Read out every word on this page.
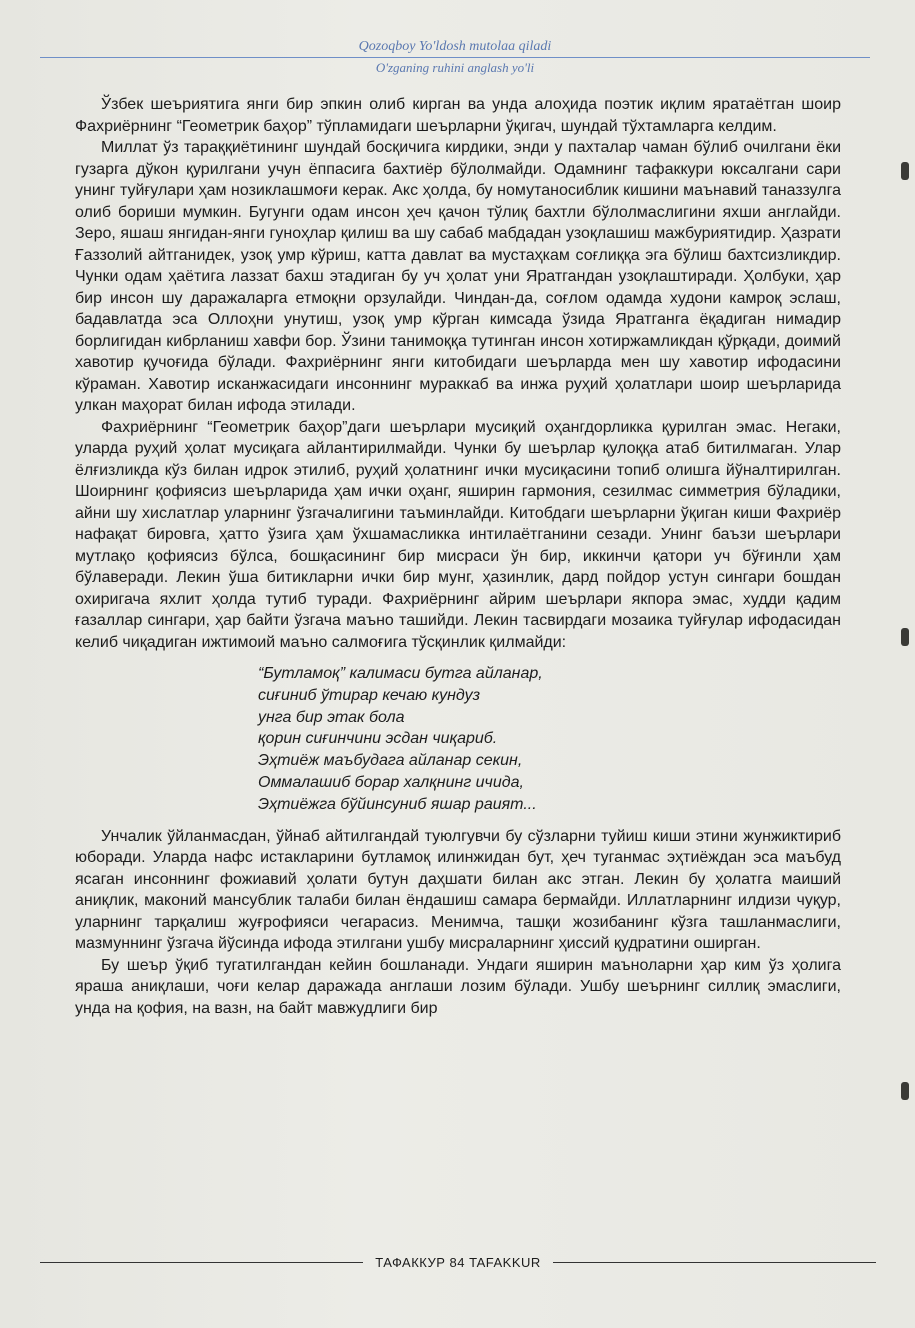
Qozoqboy Yo'ldosh mutolaa qiladi
O'zganing ruhini anglash yo'li

Ўзбек шеъриятига янги бир эпкин олиб кирган ва унда алоҳида поэтик иқлим яратаётган шоир Фахриёрнинг “Геометрик баҳор” тўпламидаги шеърларни ўқигач, шундай тўхтамларга келдим.

Миллат ўз тараққиётининг шундай босқичига кирдики, энди у пахталар чаман бўлиб очилгани ёки гузарга дўкон қурилгани учун ёппасига бахтиёр бўлолмайди. Одамнинг тафаккури юксалгани сари унинг туйғулари ҳам нозиклашмоғи керак. Акс ҳолда, бу номутаносиблик кишини маънавий таназзулга олиб бориши мумкин. Бугунги одам инсон ҳеч қачон тўлиқ бахтли бўлолмаслигини яхши англайди. Зеро, яшаш янгидан-янги гуноҳлар қилиш ва шу сабаб мабдадан узоқлашиш мажбуриятидир. Ҳазрати Ғаззолий айтганидек, узоқ умр кўриш, катта давлат ва мустаҳкам соғлиққа эга бўлиш бахтсизликдир. Чунки одам ҳаётига лаззат бахш этадиган бу уч ҳолат уни Яратгандан узоқлаштиради. Ҳолбуки, ҳар бир инсон шу даражаларга етмоқни орзулайди. Чиндан-да, соғлом одамда худони камроқ эслаш, бадавлатда эса Оллоҳни унутиш, узоқ умр кўрган кимсада ўзида Яратганга ёқадиган нимадир борлигидан кибрланиш хавфи бор. Ўзини танимоққа тутинган инсон хотиржамликдан қўрқади, доимий хавотир қучоғида бўлади. Фахриёрнинг янги китобидаги шеърларда мен шу хавотир ифодасини кўраман. Хавотир исканжасидаги инсоннинг мураккаб ва инжа руҳий ҳолатлари шоир шеърларида улкан маҳорат билан ифода этилади.

Фахриёрнинг “Геометрик баҳор”даги шеърлари мусиқий оҳангдорликка қурилган эмас. Негаки, уларда руҳий ҳолат мусиқага айлантирилмайди. Чунки бу шеърлар қулоққа атаб битилмаган. Улар ёлғизликда кўз билан идрок этилиб, руҳий ҳолатнинг ички мусиқасини топиб олишга йўналтирилган. Шоирнинг қофиясиз шеърларида ҳам ички оҳанг, яширин гармония, сезилмас симметрия бўладики, айни шу хислатлар уларнинг ўзгачалигини таъминлайди. Китобдаги шеърларни ўқиган киши Фахриёр нафақат бировга, ҳатто ўзига ҳам ўхшамасликка интилаётганини сезади. Унинг баъзи шеърлари мутлақо қофиясиз бўлса, бошқасининг бир мисраси ўн бир, иккинчи қатори уч бўғинли ҳам бўлаверади. Лекин ўша битикларни ички бир мунг, ҳазинлик, дард пойдор устун сингари бошдан охиригача яхлит ҳолда тутиб туради. Фахриёрнинг айрим шеърлари якпора эмас, худди қадим ғазаллар сингари, ҳар байти ўзгача маъно ташийди. Лекин тасвирдаги мозаика туйғулар ифодасидан келиб чиқадиган ижтимоий маъно салмоғига тўсқинлик қилмайди:

“Бутламоқ” калимаси бутга айланар,
сиғиниб ўтирар кечаю кундуз
унга бир этак бола
қорин сиғинчини эсдан чиқариб.
Эҳтиёж маъбудага айланар секин,
Оммалашиб борар халқнинг ичида,
Эҳтиёжга бўйинсуниб яшар раият...

Унчалик ўйланмасдан, ўйнаб айтилгандай туюлгувчи бу сўзларни туйиш киши этини жунжиктириб юборади. Уларда нафс истакларини бутламоқ илинжидан бут, ҳеч туганмас эҳтиёждан эса маъбуд ясаган инсоннинг фожиавий ҳолати бутун даҳшати билан акс этган. Лекин бу ҳолатга маиший аниқлик, маконий мансублик талаби билан ёндашиш самара бермайди. Иллатларнинг илдизи чуқур, уларнинг тарқалиш жуғрофияси чегарасиз. Менимча, ташқи жозибанинг кўзга ташланмаслиги, мазмуннинг ўзгача йўсинда ифода этилгани ушбу мисраларнинг ҳиссий қудратини оширган.

Бу шеър ўқиб тугатилгандан кейин бошланади. Ундаги яширин маъноларни ҳар ким ўз ҳолига яраша аниқлаши, чоғи келар даражада англаши лозим бўлади. Ушбу шеърнинг силлиқ эмаслиги, унда на қофия, на вазн, на байт мавжудлиги бир

ТАФАККУР 84 TAFAKKUR
